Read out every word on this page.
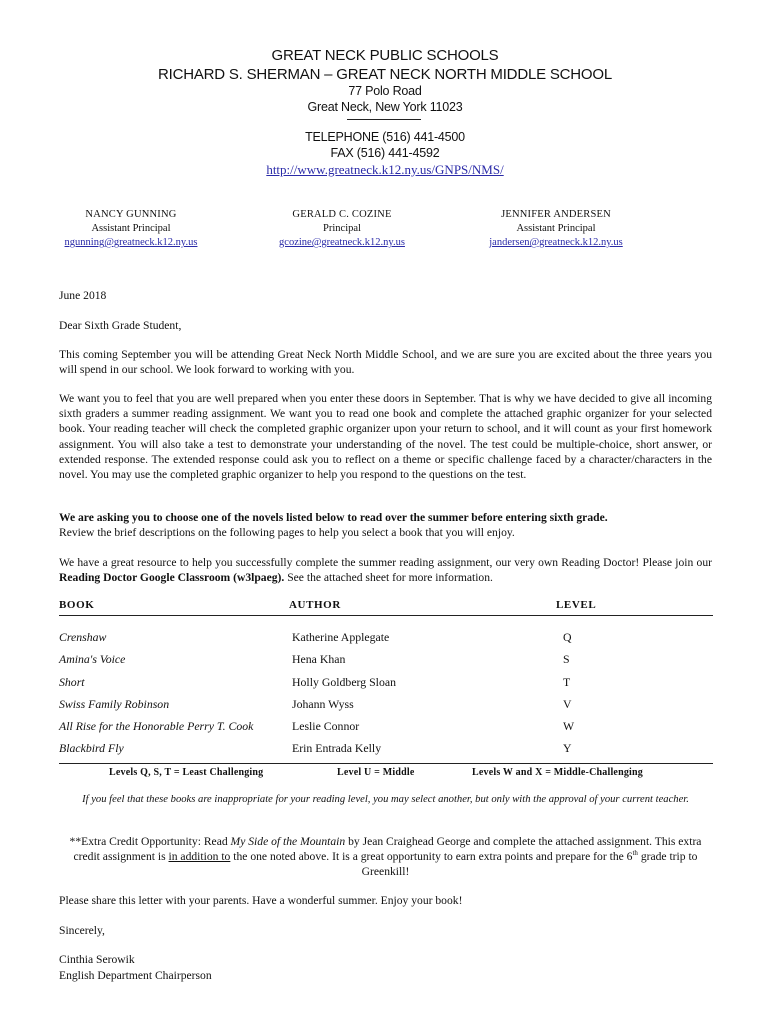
GREAT NECK PUBLIC SCHOOLS
RICHARD S. SHERMAN – GREAT NECK NORTH MIDDLE SCHOOL
77 Polo Road
Great Neck, New York 11023
TELEPHONE (516) 441-4500
FAX (516) 441-4592
http://www.greatneck.k12.ny.us/GNPS/NMS/
NANCY GUNNING
Assistant Principal
ngunning@greatneck.k12.ny.us
GERALD C. COZINE
Principal
gcozine@greatneck.k12.ny.us
JENNIFER ANDERSEN
Assistant Principal
jandersen@greatneck.k12.ny.us
June 2018
Dear Sixth Grade Student,
This coming September you will be attending Great Neck North Middle School, and we are sure you are excited about the three years you will spend in our school. We look forward to working with you.
We want you to feel that you are well prepared when you enter these doors in September. That is why we have decided to give all incoming sixth graders a summer reading assignment. We want you to read one book and complete the attached graphic organizer for your selected book. Your reading teacher will check the completed graphic organizer upon your return to school, and it will count as your first homework assignment. You will also take a test to demonstrate your understanding of the novel. The test could be multiple-choice, short answer, or extended response. The extended response could ask you to reflect on a theme or specific challenge faced by a character/characters in the novel. You may use the completed graphic organizer to help you respond to the questions on the test.
We are asking you to choose one of the novels listed below to read over the summer before entering sixth grade.
Review the brief descriptions on the following pages to help you select a book that you will enjoy.
We have a great resource to help you successfully complete the summer reading assignment, our very own Reading Doctor! Please join our Reading Doctor Google Classroom (w3lpaeg). See the attached sheet for more information.
BOOK	AUTHOR	LEVEL
Crenshaw	Katherine Applegate	Q
Amina's Voice	Hena Khan	S
Short	Holly Goldberg Sloan	T
Swiss Family Robinson	Johann Wyss	V
All Rise for the Honorable Perry T. Cook	Leslie Connor	W
Blackbird Fly	Erin Entrada Kelly	Y
Levels Q, S, T = Least Challenging	Level U = Middle	Levels W and X = Middle-Challenging
If you feel that these books are inappropriate for your reading level, you may select another, but only with the approval of your current teacher.
**Extra Credit Opportunity: Read My Side of the Mountain by Jean Craighead George and complete the attached assignment. This extra credit assignment is in addition to the one noted above. It is a great opportunity to earn extra points and prepare for the 6th grade trip to Greenkill!
Please share this letter with your parents. Have a wonderful summer. Enjoy your book!
Sincerely,
Cinthia Serowik
English Department Chairperson
